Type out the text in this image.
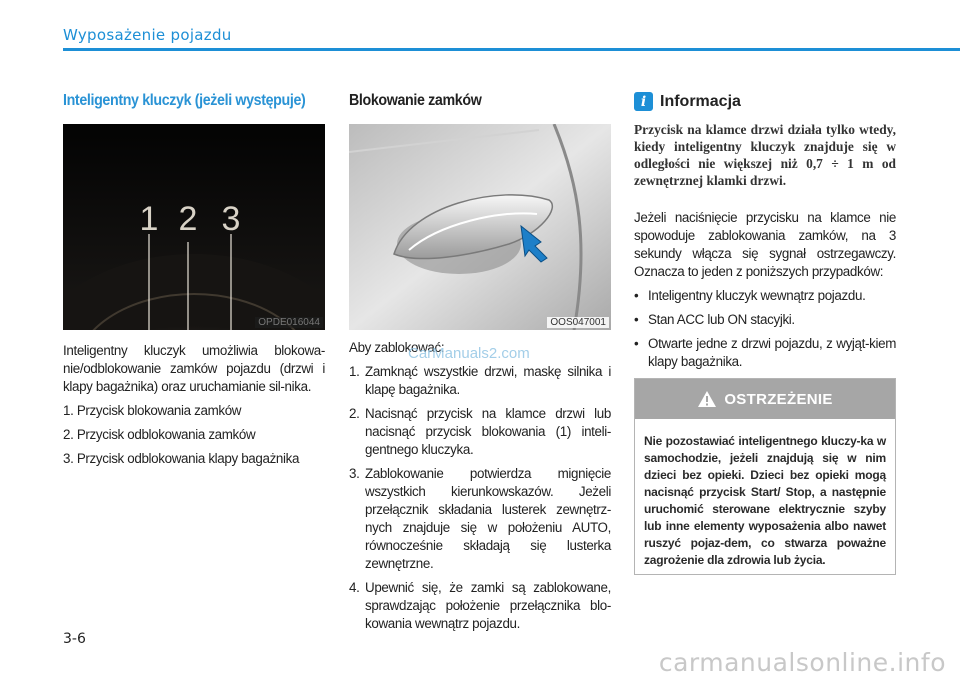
Wyposażenie pojazdu
Inteligentny kluczyk (jeżeli występuje)
1 2 3
OPDE016044

Inteligentny kluczyk umożliwia blokowa-nie/odblokowanie zamków pojazdu (drzwi i klapy bagażnika) oraz uruchamianie sil-nika.

1. Przycisk blokowania zamków
2. Przycisk odblokowania zamków
3. Przycisk odblokowania klapy bagażnika
Blokowanie zamków
OOS047001
CarManuals2.com

Aby zablokować:

1. Zamknąć wszystkie drzwi, maskę silnika i klapę bagażnika.
2. Nacisnąć przycisk na klamce drzwi lub nacisnąć przycisk blokowania (1) inteli-gentnego kluczyka.
3. Zablokowanie potwierdza mignięcie wszystkich kierunkowskazów. Jeżeli przełącznik składania lusterek zewnętrz-nych znajduje się w położeniu AUTO, równocześnie składają się lusterka zewnętrzne.
4. Upewnić się, że zamki są zablokowane, sprawdzając położenie przełącznika blo-kowania wewnątrz pojazdu.
i Informacja

Przycisk na klamce drzwi działa tylko wtedy, kiedy inteligentny kluczyk znajduje się w odległości nie większej niż 0,7 ÷ 1 m od zewnętrznej klamki drzwi.

Jeżeli naciśnięcie przycisku na klamce nie spowoduje zablokowania zamków, na 3 sekundy włącza się sygnał ostrzegawczy. Oznacza to jeden z poniższych przypadków:

• Inteligentny kluczyk wewnątrz pojazdu.
• Stan ACC lub ON stacyjki.
• Otwarte jedne z drzwi pojazdu, z wyjąt-kiem klapy bagażnika.
OSTRZEŻENIE
Nie pozostawiać inteligentnego kluczy-ka w samochodzie, jeżeli znajdują się w nim dzieci bez opieki. Dzieci bez opieki mogą nacisnąć przycisk Start/ Stop, a następnie uruchomić sterowane elektrycznie szyby lub inne elementy wyposażenia albo nawet ruszyć pojaz-dem, co stwarza poważne zagrożenie dla zdrowia lub życia.
3-6
carmanualsonline.info
